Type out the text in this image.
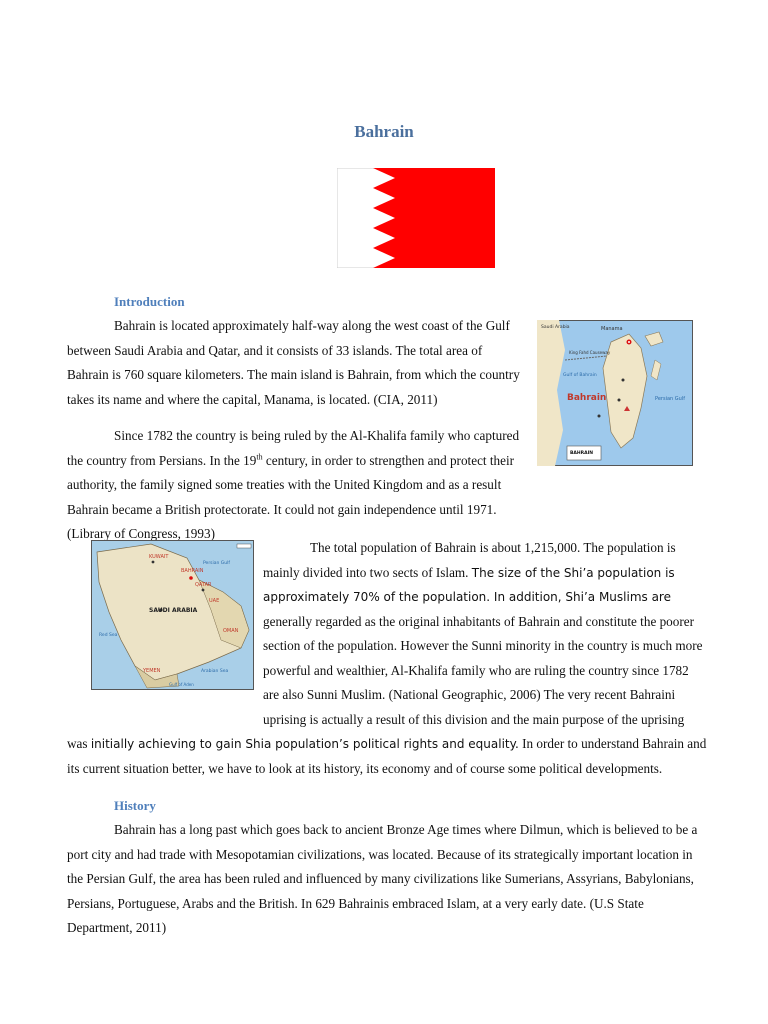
Bahrain
Introduction

Bahrain is located approximately half-way along the west coast of the Gulf between Saudi Arabia and Qatar, and it consists of 33 islands. The total area of Bahrain is 760 square kilometers. The main island is Bahrain, from which the country takes its name and where the capital, Manama, is located. (CIA, 2011)

Manama
Saudi Arabia
King Fahd Causeway
Gulf of Bahrain
Bahrain	Persian Gulf
BAHRAIN

Since 1782 the country is being ruled by the Al-Khalifa family who captured the country from Persians. In the 19th century, in order to strengthen and protect their authority, the family signed some treaties with the United Kingdom and as a result Bahrain became a British protectorate. It could not gain independence until 1971. (Library of Congress, 1993)

SAUDI ARABIA
KUWAIT
BAHRAIN
QATAR
UAE
OMAN
YEMEN
Persian Gulf
Red Sea
Arabian Sea
Gulf of Aden
The total population of Bahrain is about 1,215,000. The population is mainly divided into two sects of Islam. The size of the Shi’a population is approximately 70% of the population. In addition, Shi’a Muslims are generally regarded as the original inhabitants of Bahrain and constitute the poorer section of the population. However the Sunni minority in the country is much more powerful and wealthier, Al-Khalifa family who are ruling the country since 1782 are also Sunni Muslim. (National Geographic, 2006) The very recent Bahraini uprising is actually a result of this division and the main purpose of the uprising was initially achieving to gain Shia population’s political rights and equality. In order to understand Bahrain and its current situation better, we have to look at its history, its economy and of course some political developments.
History

Bahrain has a long past which goes back to ancient Bronze Age times where Dilmun, which is believed to be a port city and had trade with Mesopotamian civilizations, was located. Because of its strategically important location in the Persian Gulf, the area has been ruled and influenced by many civilizations like Sumerians, Assyrians, Babylonians, Persians, Portuguese, Arabs and the British. In 629 Bahrainis embraced Islam, at a very early date. (U.S State Department, 2011)
